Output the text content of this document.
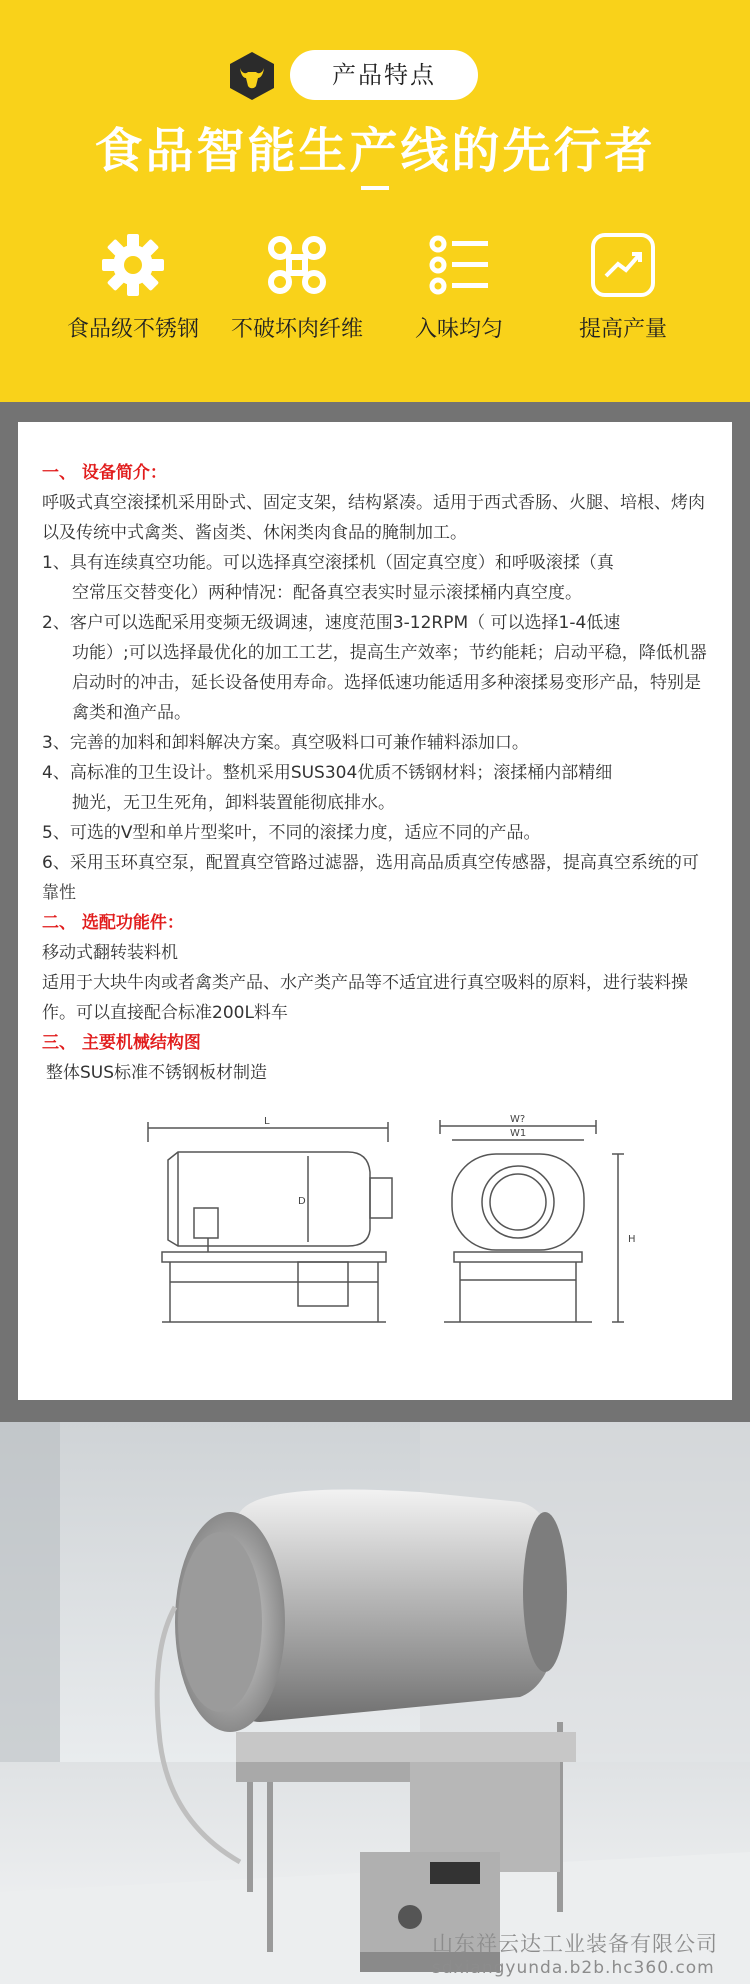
产品特点
食品智能生产线的先行者
食品级不锈钢	不破坏肉纤维	入味均匀	提高产量

一、 设备简介：

呼吸式真空滚揉机采用卧式、固定支架，结构紧凑。适用于西式香肠、火腿、培根、烤肉以及传统中式禽类、酱卤类、休闲类肉食品的腌制加工。

1、具有连续真空功能。可以选择真空滚揉机（固定真空度）和呼吸滚揉（真

空常压交替变化）两种情况：配备真空表实时显示滚揉桶内真空度。

2、客户可以选配采用变频无级调速，速度范围3-12RPM（ 可以选择1-4低速

功能）;可以选择最优化的加工工艺，提高生产效率；节约能耗；启动平稳，降低机器启动时的冲击，延长设备使用寿命。选择低速功能适用多种滚揉易变形产品，特别是禽类和渔产品。

3、完善的加料和卸料解决方案。真空吸料口可兼作辅料添加口。

4、高标准的卫生设计。整机采用SUS304优质不锈钢材料；滚揉桶内部精细

抛光，无卫生死角，卸料装置能彻底排水。

5、可选的V型和单片型桨叶，不同的滚揉力度，适应不同的产品。

6、采用玉环真空泵，配置真空管路过滤器，选用高品质真空传感器，提高真空系统的可靠性

二、 选配功能件：

移动式翻转装料机

适用于大块牛肉或者禽类产品、水产类产品等不适宜进行真空吸料的原料，进行装料操作。可以直接配合标准200L料车

三、 主要机械结构图

整体SUS标准不锈钢板材制造

L
D
W?
W1
H
山东祥云达工业装备有限公司
sdxiangyunda.b2b.hc360.com
